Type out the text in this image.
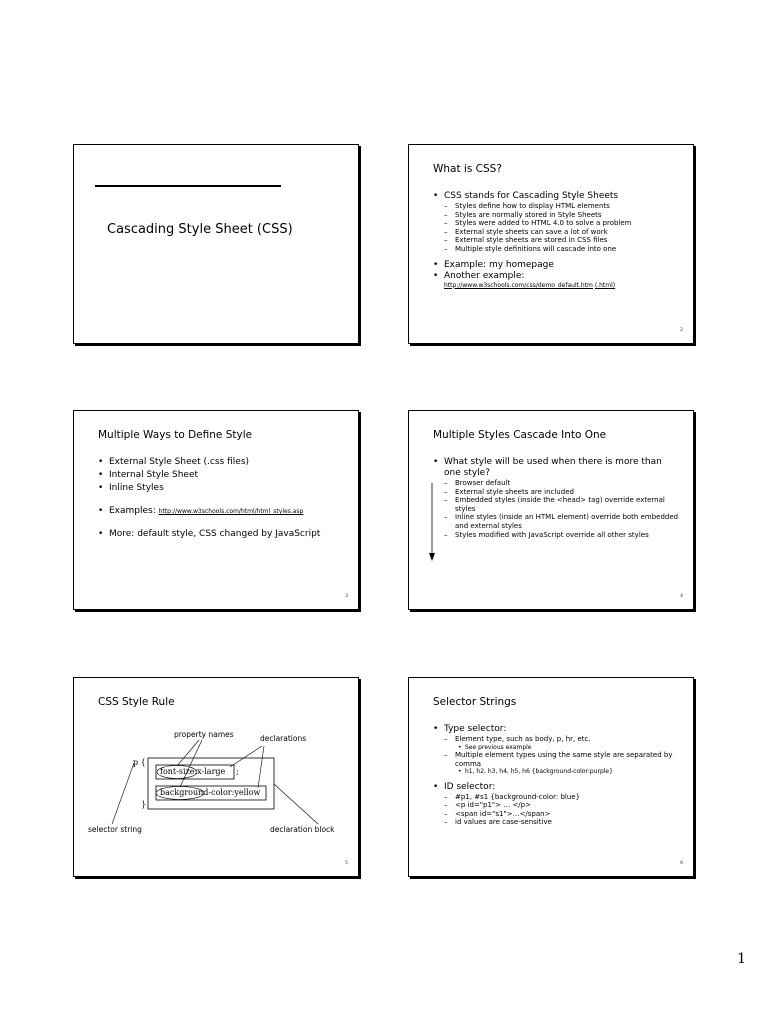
Cascading Style Sheet (CSS)
What is CSS?

• CSS stands for Cascading Style Sheets

– Styles define how to display HTML elements

– Styles are normally stored in Style Sheets

– Styles were added to HTML 4.0 to solve a problem

– External style sheets can save a lot of work

– External style sheets are stored in CSS files

– Multiple style definitions will cascade into one

• Example: my homepage

• Another example:

http://www.w3schools.com/css/demo_default.htm (.html)

2
Multiple Ways to Define Style

• External Style Sheet (.css files)

• Internal Style Sheet

• Inline Styles

• Examples: http://www.w3schools.com/html/html_styles.asp

• More: default style, CSS changed by JavaScript

3
Multiple Styles Cascade Into One

• What style will be used when there is more than one style?

– Browser default

– External style sheets are included

– Embedded styles (inside the <head> tag) override external styles

– Inline styles (inside an HTML element) override both embedded and external styles

– Styles modified with JavaScript override all other styles

4
CSS Style Rule
property names	declarations
p {
font-size:x-large ;
background-color:yellow
}
selector string	declaration block
5
Selector Strings

• Type selector:

– Element type, such as body, p, hr, etc.

• See previous example

– Multiple element types using the same style are separated by comma

• h1, h2, h3, h4, h5, h6 {background-color:purple}

• ID selector:

– #p1, #s1 {background-color: blue}

– <p id="p1"> … </p>

– <span id="s1">…</span>

– id values are case-sensitive

6
1
